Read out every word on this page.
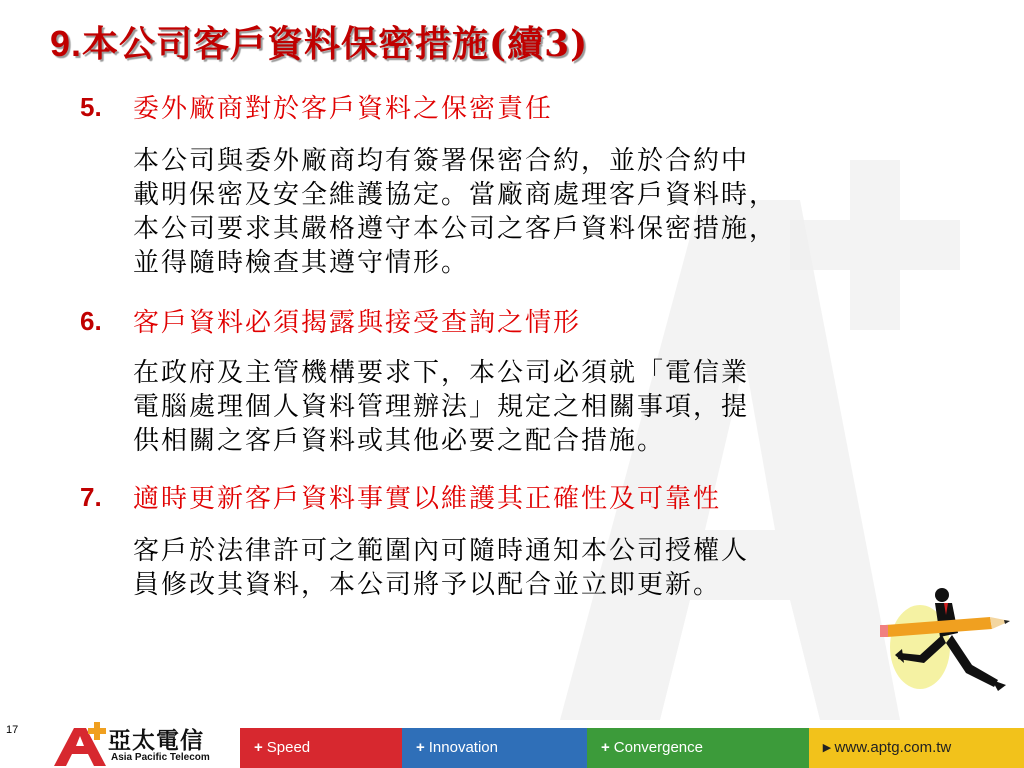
9.本公司客戶資料保密措施(續3)
5. 委外廠商對於客戶資料之保密責任
本公司與委外廠商均有簽署保密合約，並於合約中
載明保密及安全維護協定。當廠商處理客戶資料時，
本公司要求其嚴格遵守本公司之客戶資料保密措施，
並得隨時檢查其遵守情形。
6. 客戶資料必須揭露與接受查詢之情形
在政府及主管機構要求下，本公司必須就「電信業
電腦處理個人資料管理辦法」規定之相關事項，提
供相關之客戶資料或其他必要之配合措施。
7. 適時更新客戶資料事實以維護其正確性及可靠性
客戶於法律許可之範圍內可隨時通知本公司授權人
員修改其資料，本公司將予以配合並立即更新。
17	亞太電信
Asia Pacific Telecom
+ Speed	+ Innovation	+ Convergence	▸ www.aptg.com.tw
